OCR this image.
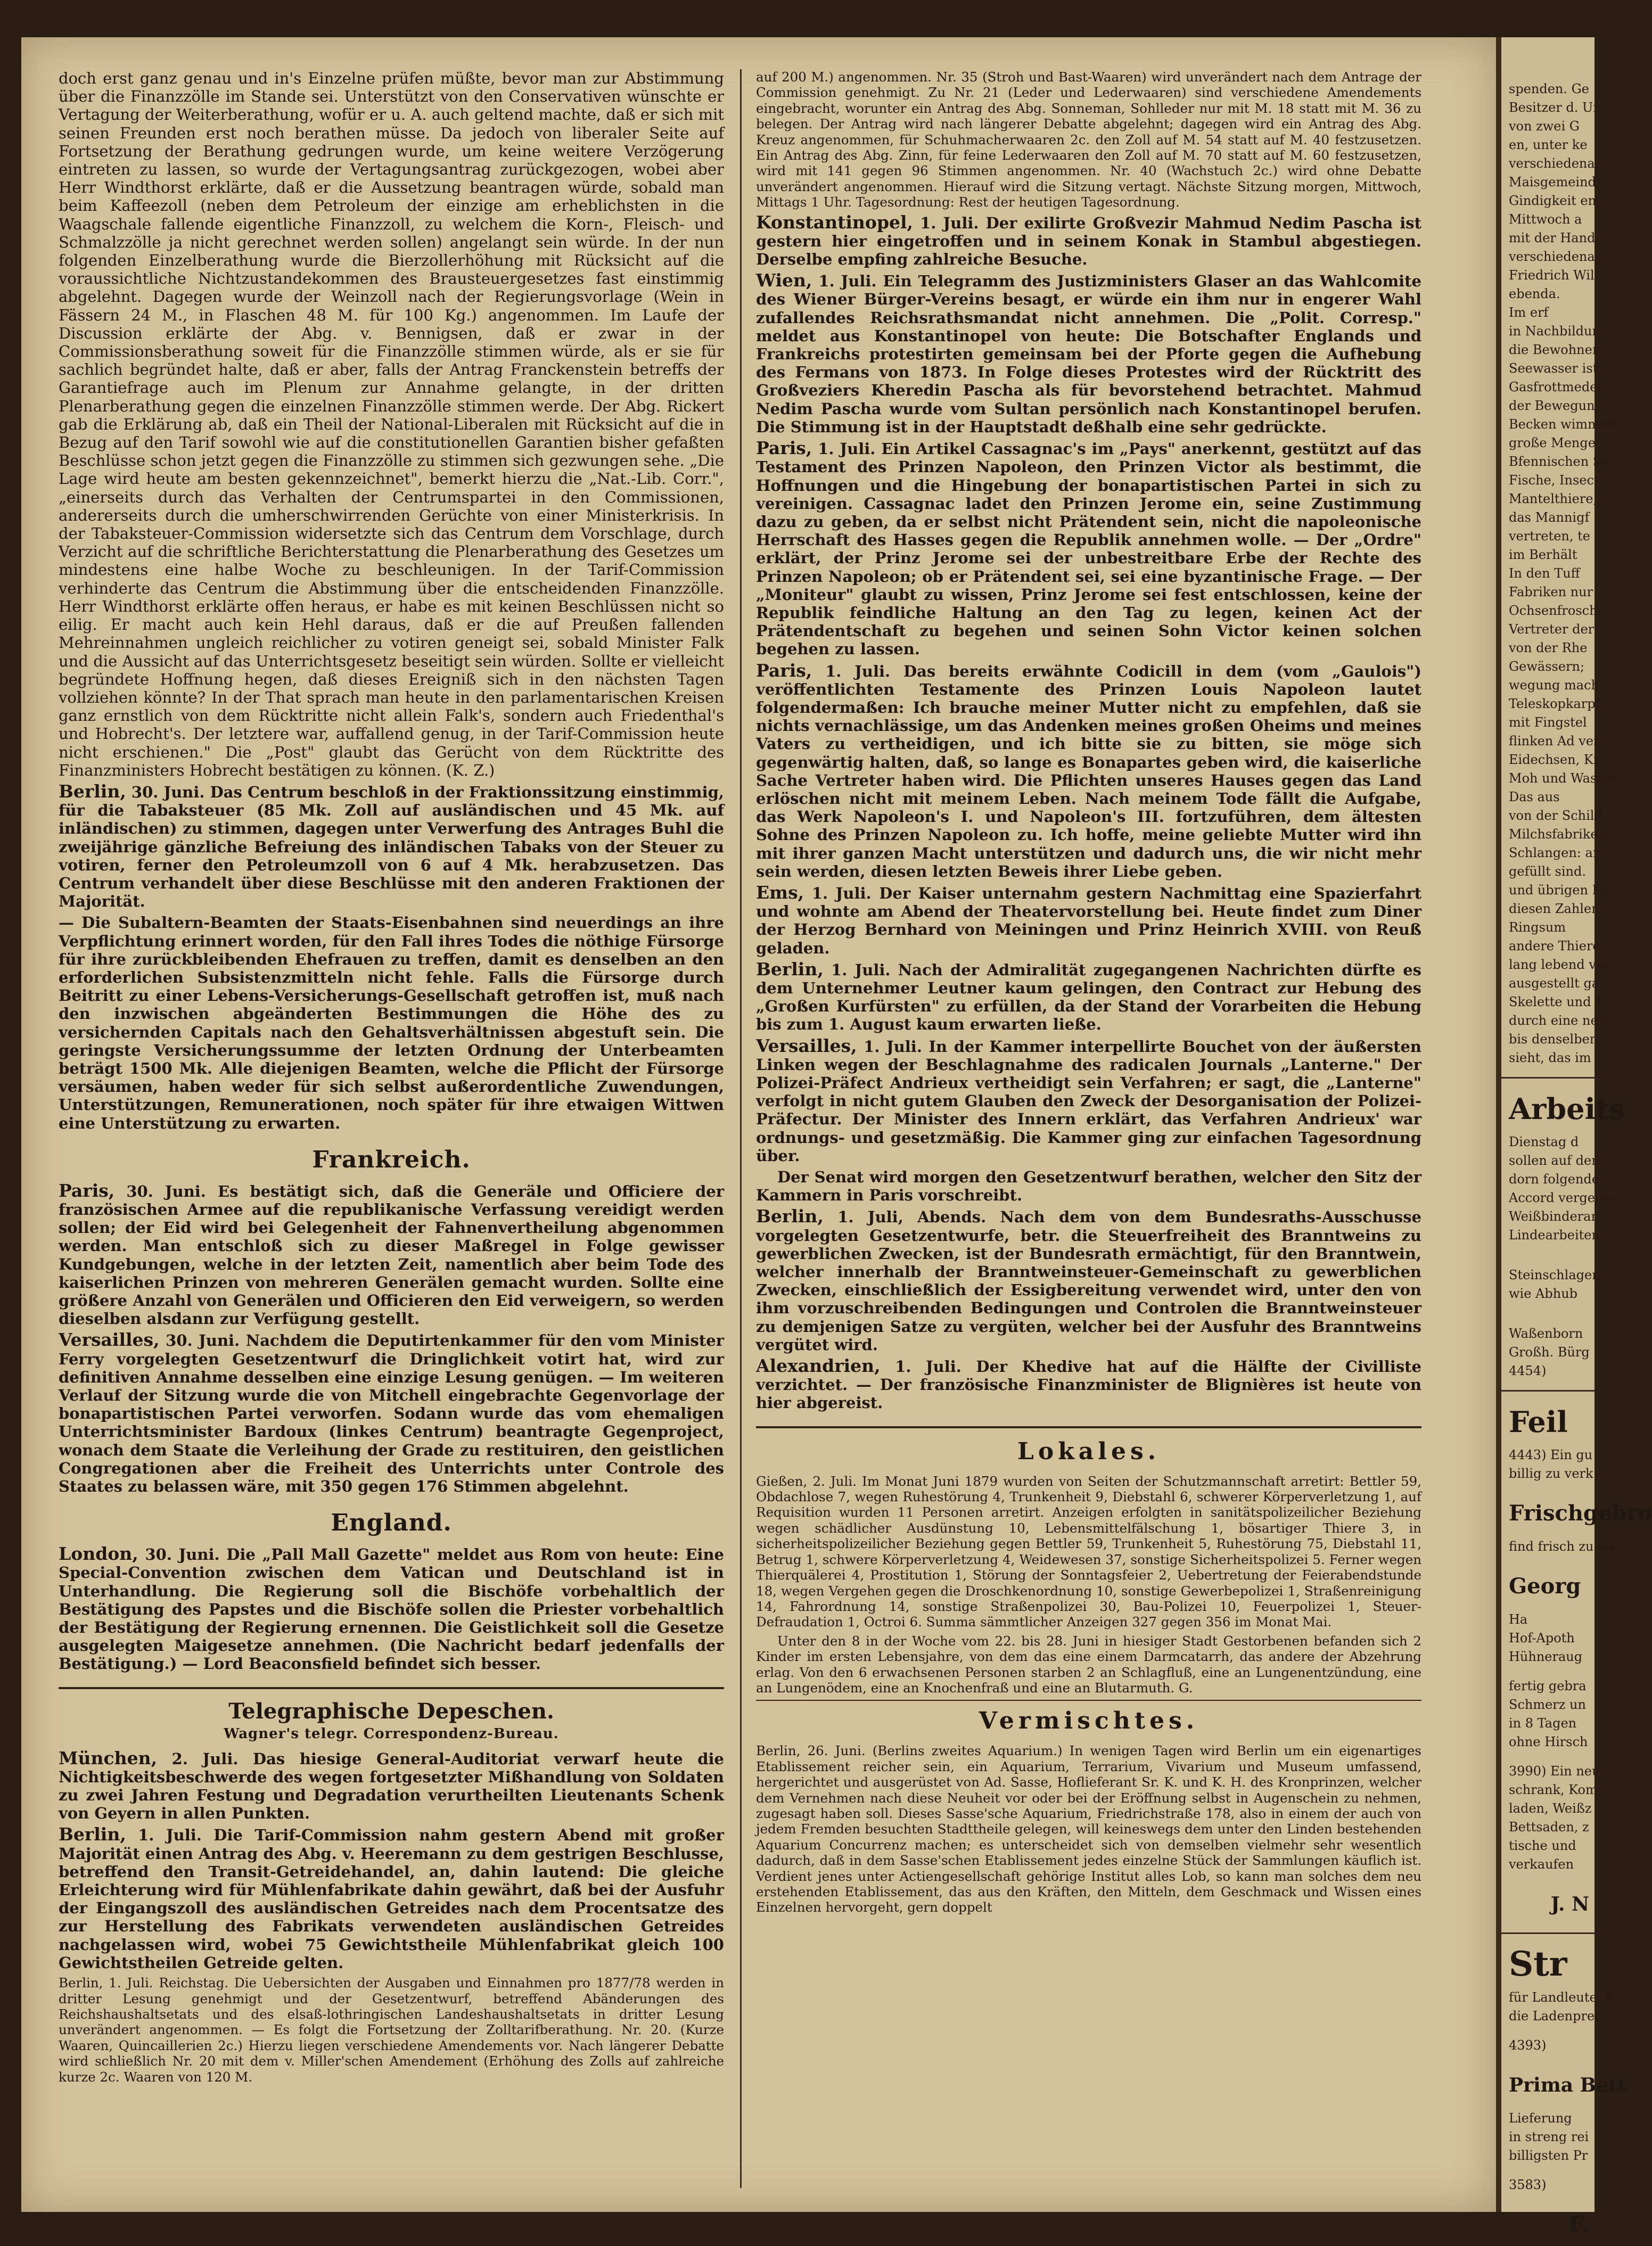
doch erst ganz genau und in's Einzelne prüfen müßte, bevor man zur Abstimmung über die Finanzzölle im Stande sei. Unterstützt von den Conservativen wünschte er Vertagung der Weiterberathung, wofür er u. A. auch geltend machte, daß er sich mit seinen Freunden erst noch berathen müsse. Da jedoch von liberaler Seite auf Fortsetzung der Berathung gedrungen wurde, um keine weitere Verzögerung eintreten zu lassen, so wurde der Vertagungsantrag zurückgezogen, wobei aber Herr Windthorst erklärte, daß er die Aussetzung beantragen würde, sobald man beim Kaffeezoll (neben dem Petroleum der einzige am erheblichsten in die Waagschale fallende eigentliche Finanzzoll, zu welchem die Korn-, Fleisch- und Schmalzzölle ja nicht gerechnet werden sollen) angelangt sein würde. In der nun folgenden Einzelberathung wurde die Bierzollerhöhung mit Rücksicht auf die voraussichtliche Nichtzustandekommen des Brausteuergesetzes fast einstimmig abgelehnt. Dagegen wurde der Weinzoll nach der Regierungsvorlage (Wein in Fässern 24 M., in Flaschen 48 M. für 100 Kg.) angenommen. Im Laufe der Discussion erklärte der Abg. v. Bennigsen, daß er zwar in der Commissionsberathung soweit für die Finanzzölle stimmen würde, als er sie für sachlich begründet halte, daß er aber, falls der Antrag Franckenstein betreffs der Garantiefrage auch im Plenum zur Annahme gelangte, in der dritten Plenarberathung gegen die einzelnen Finanzzölle stimmen werde. Der Abg. Rickert gab die Erklärung ab, daß ein Theil der National-Liberalen mit Rücksicht auf die in Bezug auf den Tarif sowohl wie auf die constitutionellen Garantien bisher gefaßten Beschlüsse schon jetzt gegen die Finanzzölle zu stimmen sich gezwungen sehe. „Die Lage wird heute am besten gekennzeichnet", bemerkt hierzu die „Nat.-Lib. Corr.", „einerseits durch das Verhalten der Centrumspartei in den Commissionen, andererseits durch die umherschwirrenden Gerüchte von einer Ministerkrisis. In der Tabaksteuer-Commission widersetzte sich das Centrum dem Vorschlage, durch Verzicht auf die schriftliche Berichterstattung die Plenarberathung des Gesetzes um mindestens eine halbe Woche zu beschleunigen. In der Tarif-Commission verhinderte das Centrum die Abstimmung über die entscheidenden Finanzzölle. Herr Windthorst erklärte offen heraus, er habe es mit keinen Beschlüssen nicht so eilig. Er macht auch kein Hehl daraus, daß er die auf Preußen fallenden Mehreinnahmen ungleich reichlicher zu votiren geneigt sei, sobald Minister Falk und die Aussicht auf das Unterrichtsgesetz beseitigt sein würden. Sollte er vielleicht begründete Hoffnung hegen, daß dieses Ereigniß sich in den nächsten Tagen vollziehen könnte? In der That sprach man heute in den parlamentarischen Kreisen ganz ernstlich von dem Rücktritte nicht allein Falk's, sondern auch Friedenthal's und Hobrecht's. Der letztere war, auffallend genug, in der Tarif-Commission heute nicht erschienen." Die „Post" glaubt das Gerücht von dem Rücktritte des Finanzministers Hobrecht bestätigen zu können. (K. Z.)

Berlin, 30. Juni. Das Centrum beschloß in der Fraktionssitzung einstimmig, für die Tabaksteuer (85 Mk. Zoll auf ausländischen und 45 Mk. auf inländischen) zu stimmen, dagegen unter Verwerfung des Antrages Buhl die zweijährige gänzliche Befreiung des inländischen Tabaks von der Steuer zu votiren, ferner den Petroleumzoll von 6 auf 4 Mk. herabzusetzen. Das Centrum verhandelt über diese Beschlüsse mit den anderen Fraktionen der Majorität.

— Die Subaltern-Beamten der Staats-Eisenbahnen sind neuerdings an ihre Verpflichtung erinnert worden, für den Fall ihres Todes die nöthige Fürsorge für ihre zurückbleibenden Ehefrauen zu treffen, damit es denselben an den erforderlichen Subsistenzmitteln nicht fehle. Falls die Fürsorge durch Beitritt zu einer Lebens-Versicherungs-Gesellschaft getroffen ist, muß nach den inzwischen abgeänderten Bestimmungen die Höhe des zu versichernden Capitals nach den Gehaltsverhältnissen abgestuft sein. Die geringste Versicherungssumme der letzten Ordnung der Unterbeamten beträgt 1500 Mk. Alle diejenigen Beamten, welche die Pflicht der Fürsorge versäumen, haben weder für sich selbst außerordentliche Zuwendungen, Unterstützungen, Remunerationen, noch später für ihre etwaigen Wittwen eine Unterstützung zu erwarten.

Frankreich.

Paris, 30. Juni. Es bestätigt sich, daß die Generäle und Officiere der französischen Armee auf die republikanische Verfassung vereidigt werden sollen; der Eid wird bei Gelegenheit der Fahnenvertheilung abgenommen werden. Man entschloß sich zu dieser Maßregel in Folge gewisser Kundgebungen, welche in der letzten Zeit, namentlich aber beim Tode des kaiserlichen Prinzen von mehreren Generälen gemacht wurden. Sollte eine größere Anzahl von Generälen und Officieren den Eid verweigern, so werden dieselben alsdann zur Verfügung gestellt.

Versailles, 30. Juni. Nachdem die Deputirtenkammer für den vom Minister Ferry vorgelegten Gesetzentwurf die Dringlichkeit votirt hat, wird zur definitiven Annahme desselben eine einzige Lesung genügen. — Im weiteren Verlauf der Sitzung wurde die von Mitchell eingebrachte Gegenvorlage der bonapartistischen Partei verworfen. Sodann wurde das vom ehemaligen Unterrichtsminister Bardoux (linkes Centrum) beantragte Gegenproject, wonach dem Staate die Verleihung der Grade zu restituiren, den geistlichen Congregationen aber die Freiheit des Unterrichts unter Controle des Staates zu belassen wäre, mit 350 gegen 176 Stimmen abgelehnt.

England.

London, 30. Juni. Die „Pall Mall Gazette" meldet aus Rom von heute: Eine Special-Convention zwischen dem Vatican und Deutschland ist in Unterhandlung. Die Regierung soll die Bischöfe vorbehaltlich der Bestätigung des Papstes und die Bischöfe sollen die Priester vorbehaltlich der Bestätigung der Regierung ernennen. Die Geistlichkeit soll die Gesetze ausgelegten Maigesetze annehmen. (Die Nachricht bedarf jedenfalls der Bestätigung.) — Lord Beaconsfield befindet sich besser.

Telegraphische Depeschen.
Wagner's telegr. Correspondenz-Bureau.

München, 2. Juli. Das hiesige General-Auditoriat verwarf heute die Nichtigkeitsbeschwerde des wegen fortgesetzter Mißhandlung von Soldaten zu zwei Jahren Festung und Degradation verurtheilten Lieutenants Schenk von Geyern in allen Punkten.

Berlin, 1. Juli. Die Tarif-Commission nahm gestern Abend mit großer Majorität einen Antrag des Abg. v. Heeremann zu dem gestrigen Beschlusse, betreffend den Transit-Getreidehandel, an, dahin lautend: Die gleiche Erleichterung wird für Mühlenfabrikate dahin gewährt, daß bei der Ausfuhr der Eingangszoll des ausländischen Getreides nach dem Procentsatze des zur Herstellung des Fabrikats verwendeten ausländischen Getreides nachgelassen wird, wobei 75 Gewichtstheile Mühlenfabrikat gleich 100 Gewichtstheilen Getreide gelten.

Berlin, 1. Juli. Reichstag. Die Uebersichten der Ausgaben und Einnahmen pro 1877/78 werden in dritter Lesung genehmigt und der Gesetzentwurf, betreffend Abänderungen des Reichshaushaltsetats und des elsaß-lothringischen Landeshaushaltsetats in dritter Lesung unverändert angenommen. — Es folgt die Fortsetzung der Zolltarifberathung. Nr. 20. (Kurze Waaren, Quincaillerien 2c.) Hierzu liegen verschiedene Amendements vor. Nach längerer Debatte wird schließlich Nr. 20 mit dem v. Miller'schen Amendement (Erhöhung des Zolls auf zahlreiche kurze 2c. Waaren von 120 M.

auf 200 M.) angenommen. Nr. 35 (Stroh und Bast-Waaren) wird unverändert nach dem Antrage der Commission genehmigt. Zu Nr. 21 (Leder und Lederwaaren) sind verschiedene Amendements eingebracht, worunter ein Antrag des Abg. Sonneman, Sohlleder nur mit M. 18 statt mit M. 36 zu belegen. Der Antrag wird nach längerer Debatte abgelehnt; dagegen wird ein Antrag des Abg. Kreuz angenommen, für Schuhmacherwaaren 2c. den Zoll auf M. 54 statt auf M. 40 festzusetzen. Ein Antrag des Abg. Zinn, für feine Lederwaaren den Zoll auf M. 70 statt auf M. 60 festzusetzen, wird mit 141 gegen 96 Stimmen angenommen. Nr. 40 (Wachstuch 2c.) wird ohne Debatte unverändert angenommen. Hierauf wird die Sitzung vertagt. Nächste Sitzung morgen, Mittwoch, Mittags 1 Uhr. Tagesordnung: Rest der heutigen Tagesordnung.

Konstantinopel, 1. Juli. Der exilirte Großvezir Mahmud Nedim Pascha ist gestern hier eingetroffen und in seinem Konak in Stambul abgestiegen. Derselbe empfing zahlreiche Besuche.

Wien, 1. Juli. Ein Telegramm des Justizministers Glaser an das Wahlcomite des Wiener Bürger-Vereins besagt, er würde ein ihm nur in engerer Wahl zufallendes Reichsrathsmandat nicht annehmen. Die „Polit. Corresp." meldet aus Konstantinopel von heute: Die Botschafter Englands und Frankreichs protestirten gemeinsam bei der Pforte gegen die Aufhebung des Fermans von 1873. In Folge dieses Protestes wird der Rücktritt des Großveziers Kheredin Pascha als für bevorstehend betrachtet. Mahmud Nedim Pascha wurde vom Sultan persönlich nach Konstantinopel berufen. Die Stimmung ist in der Hauptstadt deßhalb eine sehr gedrückte.

Paris, 1. Juli. Ein Artikel Cassagnac's im „Pays" anerkennt, gestützt auf das Testament des Prinzen Napoleon, den Prinzen Victor als bestimmt, die Hoffnungen und die Hingebung der bonapartistischen Partei in sich zu vereinigen. Cassagnac ladet den Prinzen Jerome ein, seine Zustimmung dazu zu geben, da er selbst nicht Prätendent sein, nicht die napoleonische Herrschaft des Hasses gegen die Republik annehmen wolle. — Der „Ordre" erklärt, der Prinz Jerome sei der unbestreitbare Erbe der Rechte des Prinzen Napoleon; ob er Prätendent sei, sei eine byzantinische Frage. — Der „Moniteur" glaubt zu wissen, Prinz Jerome sei fest entschlossen, keine der Republik feindliche Haltung an den Tag zu legen, keinen Act der Prätendentschaft zu begehen und seinen Sohn Victor keinen solchen begehen zu lassen.

Paris, 1. Juli. Das bereits erwähnte Codicill in dem (vom „Gaulois") veröffentlichten Testamente des Prinzen Louis Napoleon lautet folgendermaßen: Ich brauche meiner Mutter nicht zu empfehlen, daß sie nichts vernachlässige, um das Andenken meines großen Oheims und meines Vaters zu vertheidigen, und ich bitte sie zu bitten, sie möge sich gegenwärtig halten, daß, so lange es Bonapartes geben wird, die kaiserliche Sache Vertreter haben wird. Die Pflichten unseres Hauses gegen das Land erlöschen nicht mit meinem Leben. Nach meinem Tode fällt die Aufgabe, das Werk Napoleon's I. und Napoleon's III. fortzuführen, dem ältesten Sohne des Prinzen Napoleon zu. Ich hoffe, meine geliebte Mutter wird ihn mit ihrer ganzen Macht unterstützen und dadurch uns, die wir nicht mehr sein werden, diesen letzten Beweis ihrer Liebe geben.

Ems, 1. Juli. Der Kaiser unternahm gestern Nachmittag eine Spazierfahrt und wohnte am Abend der Theatervorstellung bei. Heute findet zum Diner der Herzog Bernhard von Meiningen und Prinz Heinrich XVIII. von Reuß geladen.

Berlin, 1. Juli. Nach der Admiralität zugegangenen Nachrichten dürfte es dem Unternehmer Leutner kaum gelingen, den Contract zur Hebung des „Großen Kurfürsten" zu erfüllen, da der Stand der Vorarbeiten die Hebung bis zum 1. August kaum erwarten ließe.

Versailles, 1. Juli. In der Kammer interpellirte Bouchet von der äußersten Linken wegen der Beschlagnahme des radicalen Journals „Lanterne." Der Polizei-Präfect Andrieux vertheidigt sein Verfahren; er sagt, die „Lanterne" verfolgt in nicht gutem Glauben den Zweck der Desorganisation der Polizei-Präfectur. Der Minister des Innern erklärt, das Verfahren Andrieux' war ordnungs- und gesetzmäßig. Die Kammer ging zur einfachen Tagesordnung über.

Der Senat wird morgen den Gesetzentwurf berathen, welcher den Sitz der Kammern in Paris vorschreibt.

Berlin, 1. Juli, Abends. Nach dem von dem Bundesraths-Ausschusse vorgelegten Gesetzentwurfe, betr. die Steuerfreiheit des Branntweins zu gewerblichen Zwecken, ist der Bundesrath ermächtigt, für den Branntwein, welcher innerhalb der Branntweinsteuer-Gemeinschaft zu gewerblichen Zwecken, einschließlich der Essigbereitung verwendet wird, unter den von ihm vorzuschreibenden Bedingungen und Controlen die Branntweinsteuer zu demjenigen Satze zu vergüten, welcher bei der Ausfuhr des Branntweins vergütet wird.

Alexandrien, 1. Juli. Der Khedive hat auf die Hälfte der Civilliste verzichtet. — Der französische Finanzminister de Blignières ist heute von hier abgereist.

Lokales.

Gießen, 2. Juli. Im Monat Juni 1879 wurden von Seiten der Schutzmannschaft arretirt: Bettler 59, Obdachlose 7, wegen Ruhestörung 4, Trunkenheit 9, Diebstahl 6, schwerer Körperverletzung 1, auf Requisition wurden 11 Personen arretirt. Anzeigen erfolgten in sanitätspolizeilicher Beziehung wegen schädlicher Ausdünstung 10, Lebensmittelfälschung 1, bösartiger Thiere 3, in sicherheitspolizeilicher Beziehung gegen Bettler 59, Trunkenheit 5, Ruhestörung 75, Diebstahl 11, Betrug 1, schwere Körperverletzung 4, Weidewesen 37, sonstige Sicherheitspolizei 5. Ferner wegen Thierquälerei 4, Prostitution 1, Störung der Sonntagsfeier 2, Uebertretung der Feierabendstunde 18, wegen Vergehen gegen die Droschkenordnung 10, sonstige Gewerbepolizei 1, Straßenreinigung 14, Fahrordnung 14, sonstige Straßenpolizei 30, Bau-Polizei 10, Feuerpolizei 1, Steuer-Defraudation 1, Octroi 6. Summa sämmtlicher Anzeigen 327 gegen 356 im Monat Mai.

Unter den 8 in der Woche vom 22. bis 28. Juni in hiesiger Stadt Gestorbenen befanden sich 2 Kinder im ersten Lebensjahre, von dem das eine einem Darmcatarrh, das andere der Abzehrung erlag. Von den 6 erwachsenen Personen starben 2 an Schlagfluß, eine an Lungenentzündung, eine an Lungenödem, eine an Knochenfraß und eine an Blutarmuth. G.

Vermischtes.

Berlin, 26. Juni. (Berlins zweites Aquarium.) In wenigen Tagen wird Berlin um ein eigenartiges Etablissement reicher sein, ein Aquarium, Terrarium, Vivarium und Museum umfassend, hergerichtet und ausgerüstet von Ad. Sasse, Hoflieferant Sr. K. und K. H. des Kronprinzen, welcher dem Vernehmen nach diese Neuheit vor oder bei der Eröffnung selbst in Augenschein zu nehmen, zugesagt haben soll. Dieses Sasse'sche Aquarium, Friedrichstraße 178, also in einem der auch von jedem Fremden besuchten Stadttheile gelegen, will keineswegs dem unter den Linden bestehenden Aquarium Concurrenz machen; es unterscheidet sich von demselben vielmehr sehr wesentlich dadurch, daß in dem Sasse'schen Etablissement jedes einzelne Stück der Sammlungen käuflich ist. Verdient jenes unter Actiengesellschaft gehörige Institut alles Lob, so kann man solches dem neu erstehenden Etablissement, das aus den Kräften, den Mitteln, dem Geschmack und Wissen eines Einzelnen hervorgeht, gern doppelt

spenden. Ge
Besitzer d. Un
von zwei G
en, unter ke
verschiedenar
Maisgemeinde
Gindigkeit en
Mittwoch a
mit der Hand
verschiedenar
Friedrich Wil
ebenda.
Im erf
in Nachbildun
die Bewohner
Seewasser ist
Gasfrottmeder
der Bewegun
Becken wimmeln
große Menge
Bfennischen Se
Fische, Insect
Mantelthiere,
das Mannigf
vertreten, te
im Berhält
In den Tuff
Fabriken nur
Ochsenfrosche
Vertreter der
von der Rhe
Gewässern;
wegung mach
Teleskopkarpf
mit Fingstel
flinken Ad ver
Eidechsen, Kro
Moh und Wasser
Das aus
von der Schild
Milchsfabriken
Schlangen: an
gefüllt sind.
und übrigen Fa
diesen Zahlen
Ringsum
andere Thiere o
lang lebend ver
ausgestellt ga
Skelette und T
durch eine neu
bis denselben
sieht, das im
Arbeits
Dienstag d
sollen auf dem
dorn folgende
Accord vergeben
Weißbinderar
Lindearbeiten
Steinschlagen
wie Abhub
Waßenborn
Großh. Bürg
4454)
Feil
4443) Ein gu
billig zu verk
Frischgebro
find frisch zu ha
Georg
Ha
Hof-Apoth
Hühneraug
fertig gebra
Schmerz un
in 8 Tagen
ohne Hirsch
3990) Ein neu
schrank, Kom
laden, Weißz
Bettsaden, z
tische und
verkaufen
J. N
Str
für Landleute, fe
die Ladenpreise.
4393)
Prima Bett
Lieferung
in streng rei
billigsten Pr
3583)
F.
